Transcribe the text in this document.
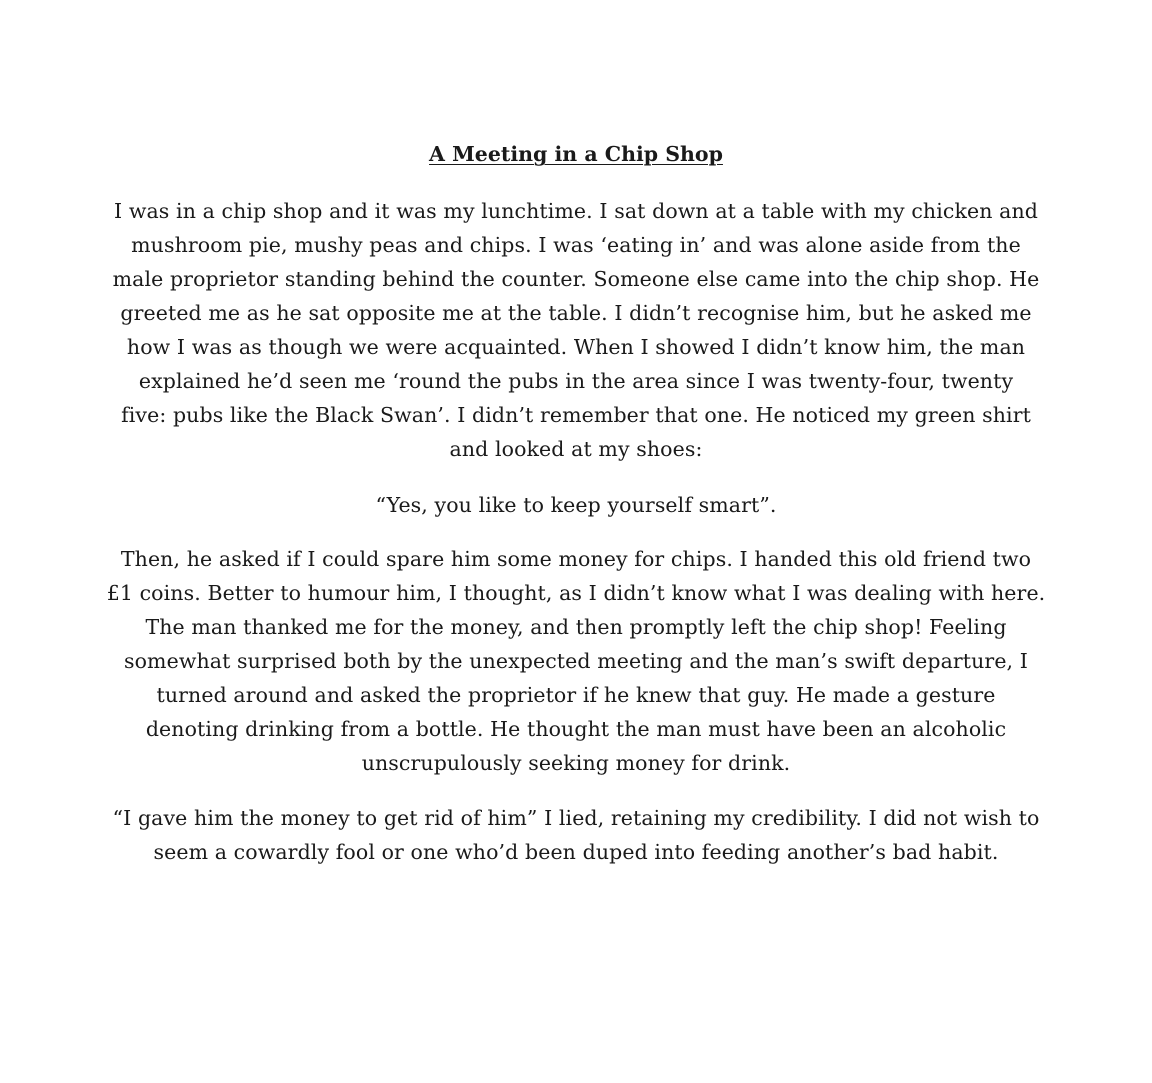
A Meeting in a Chip Shop

I was in a chip shop and it was my lunchtime. I sat down at a table with my chicken and
mushroom pie, mushy peas and chips. I was ‘eating in’ and was alone aside from the
male proprietor standing behind the counter. Someone else came into the chip shop. He
greeted me as he sat opposite me at the table. I didn’t recognise him, but he asked me
how I was as though we were acquainted. When I showed I didn’t know him, the man
explained he’d seen me ‘round the pubs in the area since I was twenty-four, twenty
five: pubs like the Black Swan’. I didn’t remember that one. He noticed my green shirt
and looked at my shoes:

“Yes, you like to keep yourself smart”.

Then, he asked if I could spare him some money for chips. I handed this old friend two
£1 coins. Better to humour him, I thought, as I didn’t know what I was dealing with here.
The man thanked me for the money, and then promptly left the chip shop! Feeling
somewhat surprised both by the unexpected meeting and the man’s swift departure, I
turned around and asked the proprietor if he knew that guy. He made a gesture
denoting drinking from a bottle. He thought the man must have been an alcoholic
unscrupulously seeking money for drink.

“I gave him the money to get rid of him” I lied, retaining my credibility. I did not wish to
seem a cowardly fool or one who’d been duped into feeding another’s bad habit.
